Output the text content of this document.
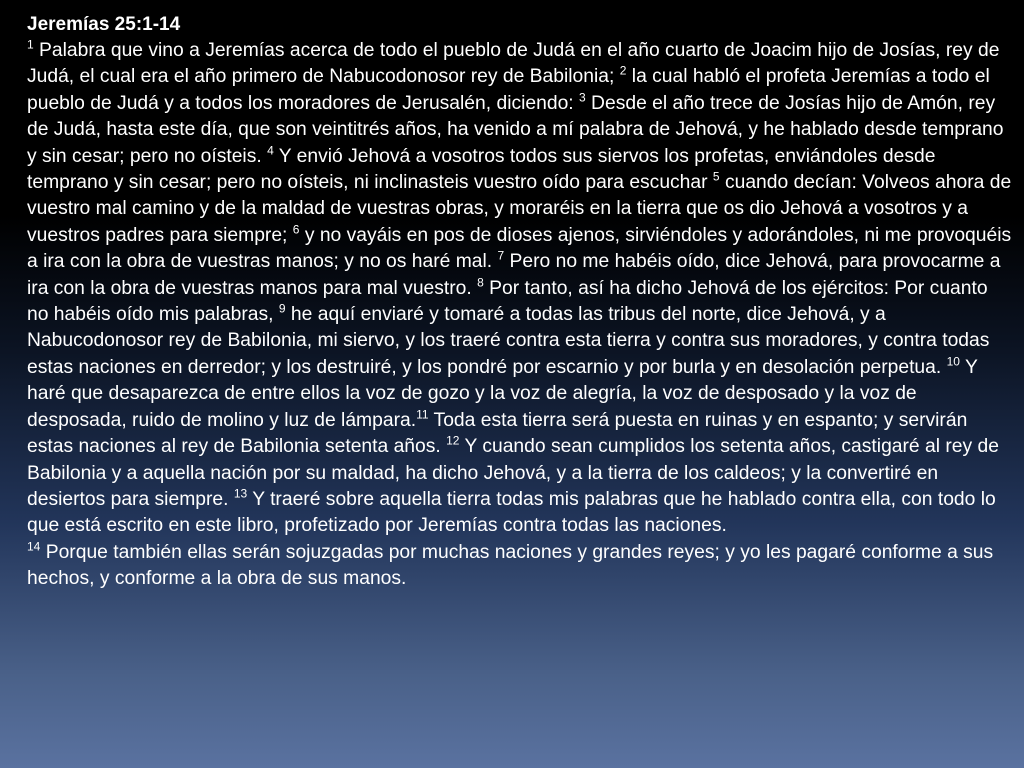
Jeremías 25:1-14

$^1$ Palabra que vino a Jeremías acerca de todo el pueblo de Judá en el año cuarto de Joacim hijo de Josías, rey de Judá, el cual era el año primero de Nabucodonosor rey de Babilonia; $^2$ la cual habló el profeta Jeremías a todo el pueblo de Judá y a todos los moradores de Jerusalén, diciendo: $^3$ Desde el año trece de Josías hijo de Amón, rey de Judá, hasta este día, que son veintitrés años, ha venido a mí palabra de Jehová, y he hablado desde temprano y sin cesar; pero no oísteis. $^4$ Y envió Jehová a vosotros todos sus siervos los profetas, enviándoles desde temprano y sin cesar; pero no oísteis, ni inclinasteis vuestro oído para escuchar $^5$ cuando decían: Volveos ahora de vuestro mal camino y de la maldad de vuestras obras, y moraréis en la tierra que os dio Jehová a vosotros y a vuestros padres para siempre; $^6$ y no vayáis en pos de dioses ajenos, sirviéndoles y adorándoles, ni me provoquéis a ira con la obra de vuestras manos; y no os haré mal. $^7$ Pero no me habéis oído, dice Jehová, para provocarme a ira con la obra de vuestras manos para mal vuestro. $^8$ Por tanto, así ha dicho Jehová de los ejércitos: Por cuanto no habéis oído mis palabras, $^9$ he aquí enviaré y tomaré a todas las tribus del norte, dice Jehová, y a Nabucodonosor rey de Babilonia, mi siervo, y los traeré contra esta tierra y contra sus moradores, y contra todas estas naciones en derredor; y los destruiré, y los pondré por escarnio y por burla y en desolación perpetua. $^{10}$ Y haré que desaparezca de entre ellos la voz de gozo y la voz de alegría, la voz de desposado y la voz de desposada, ruido de molino y luz de lámpara.$^{11}$ Toda esta tierra será puesta en ruinas y en espanto; y servirán estas naciones al rey de Babilonia setenta años. $^{12}$ Y cuando sean cumplidos los setenta años, castigaré al rey de Babilonia y a aquella nación por su maldad, ha dicho Jehová, y a la tierra de los caldeos; y la convertiré en desiertos para siempre. $^{13}$ Y traeré sobre aquella tierra todas mis palabras que he hablado contra ella, con todo lo que está escrito en este libro, profetizado por Jeremías contra todas las naciones.

$^{14}$ Porque también ellas serán sojuzgadas por muchas naciones y grandes reyes; y yo les pagaré conforme a sus hechos, y conforme a la obra de sus manos.
